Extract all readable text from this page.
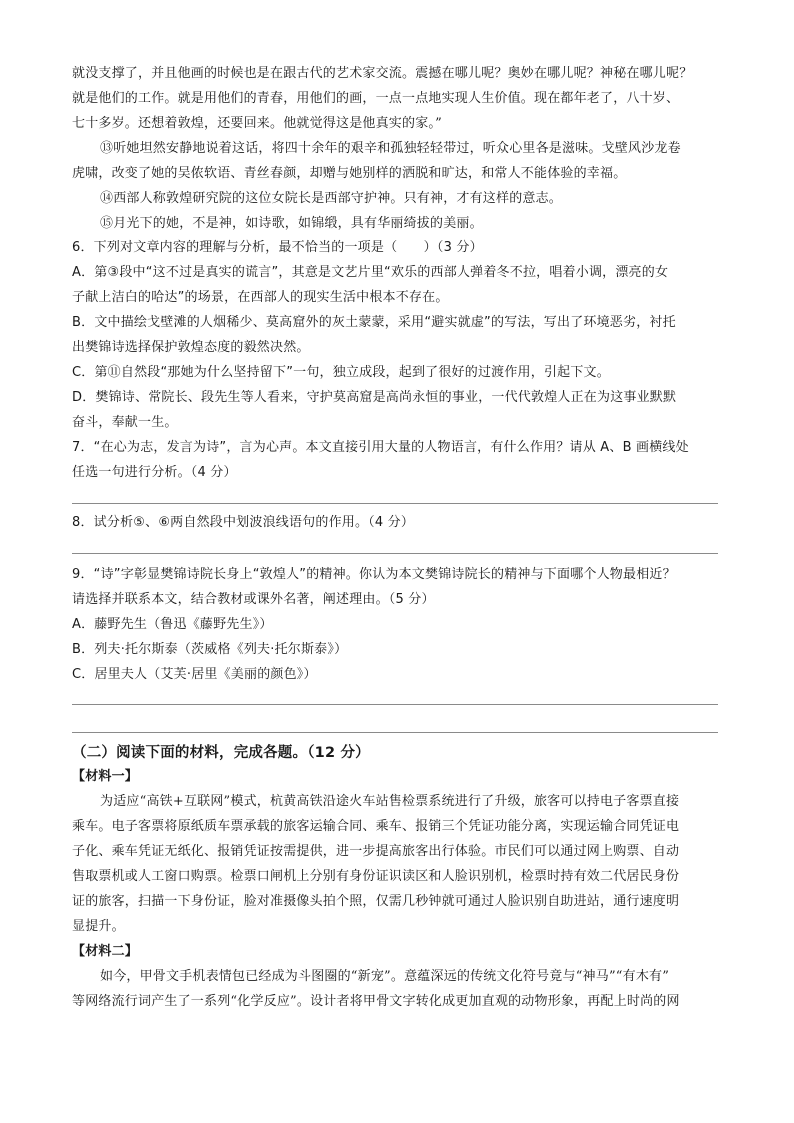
就没支撑了，并且他画的时候也是在跟古代的艺术家交流。震撼在哪儿呢？奥妙在哪儿呢？神秘在哪儿呢？
就是他们的工作。就是用他们的青春，用他们的画，一点一点地实现人生价值。现在都年老了，八十岁、
七十多岁。还想着敦煌，还要回来。他就觉得这是他真实的家。”
⑬听她坦然安静地说着这话，将四十余年的艰辛和孤独轻轻带过，听众心里各是滋味。戈壁风沙龙卷
虎啸，改变了她的吴侬软语、青丝春颜，却赠与她别样的洒脱和旷达，和常人不能体验的幸福。
⑭西部人称敦煌研究院的这位女院长是西部守护神。只有神，才有这样的意志。
⑮月光下的她，不是神，如诗歌，如锦缎，具有华丽绮拔的美丽。
6．下列对文章内容的理解与分析，最不恰当的一项是（　　）（3 分）
A．第③段中“这不过是真实的谎言”，其意是文艺片里“欢乐的西部人弹着冬不拉，唱着小调，漂亮的女
子献上洁白的哈达”的场景，在西部人的现实生活中根本不存在。
B．文中描绘戈壁滩的人烟稀少、莫高窟外的灰土蒙蒙，采用“避实就虚”的写法，写出了环境恶劣，衬托
出樊锦诗选择保护敦煌态度的毅然决然。
C．第⑪自然段“那她为什么坚持留下”一句，独立成段，起到了很好的过渡作用，引起下文。
D．樊锦诗、常院长、段先生等人看来，守护莫高窟是高尚永恒的事业，一代代敦煌人正在为这事业默默
奋斗，奉献一生。
7．“在心为志，发言为诗”，言为心声。本文直接引用大量的人物语言，有什么作用？请从 A、B 画横线处
任选一句进行分析。（4 分）
8．试分析⑤、⑥两自然段中划波浪线语句的作用。（4 分）
9．“诗”字彰显樊锦诗院长身上“敦煌人”的精神。你认为本文樊锦诗院长的精神与下面哪个人物最相近？
请选择并联系本文，结合教材或课外名著，阐述理由。（5 分）
A．藤野先生（鲁迅《藤野先生》）
B．列夫·托尔斯泰（茨威格《列夫·托尔斯泰》）
C．居里夫人（艾芙·居里《美丽的颜色》）
（二）阅读下面的材料，完成各题。（12 分）
【材料一】
为适应“高铁+互联网”模式，杭黄高铁沿途火车站售检票系统进行了升级，旅客可以持电子客票直接
乘车。电子客票将原纸质车票承载的旅客运输合同、乘车、报销三个凭证功能分离，实现运输合同凭证电
子化、乘车凭证无纸化、报销凭证按需提供，进一步提高旅客出行体验。市民们可以通过网上购票、自动
售取票机或人工窗口购票。检票口闸机上分别有身份证识读区和人脸识别机，检票时持有效二代居民身份
证的旅客，扫描一下身份证，脸对准摄像头拍个照，仅需几秒钟就可通过人脸识别自助进站，通行速度明
显提升。
【材料二】
如今，甲骨文手机表情包已经成为斗图圈的“新宠”。意蕴深远的传统文化符号竟与“神马”“有木有”
等网络流行词产生了一系列“化学反应”。设计者将甲骨文字转化成更加直观的动物形象，再配上时尚的网
